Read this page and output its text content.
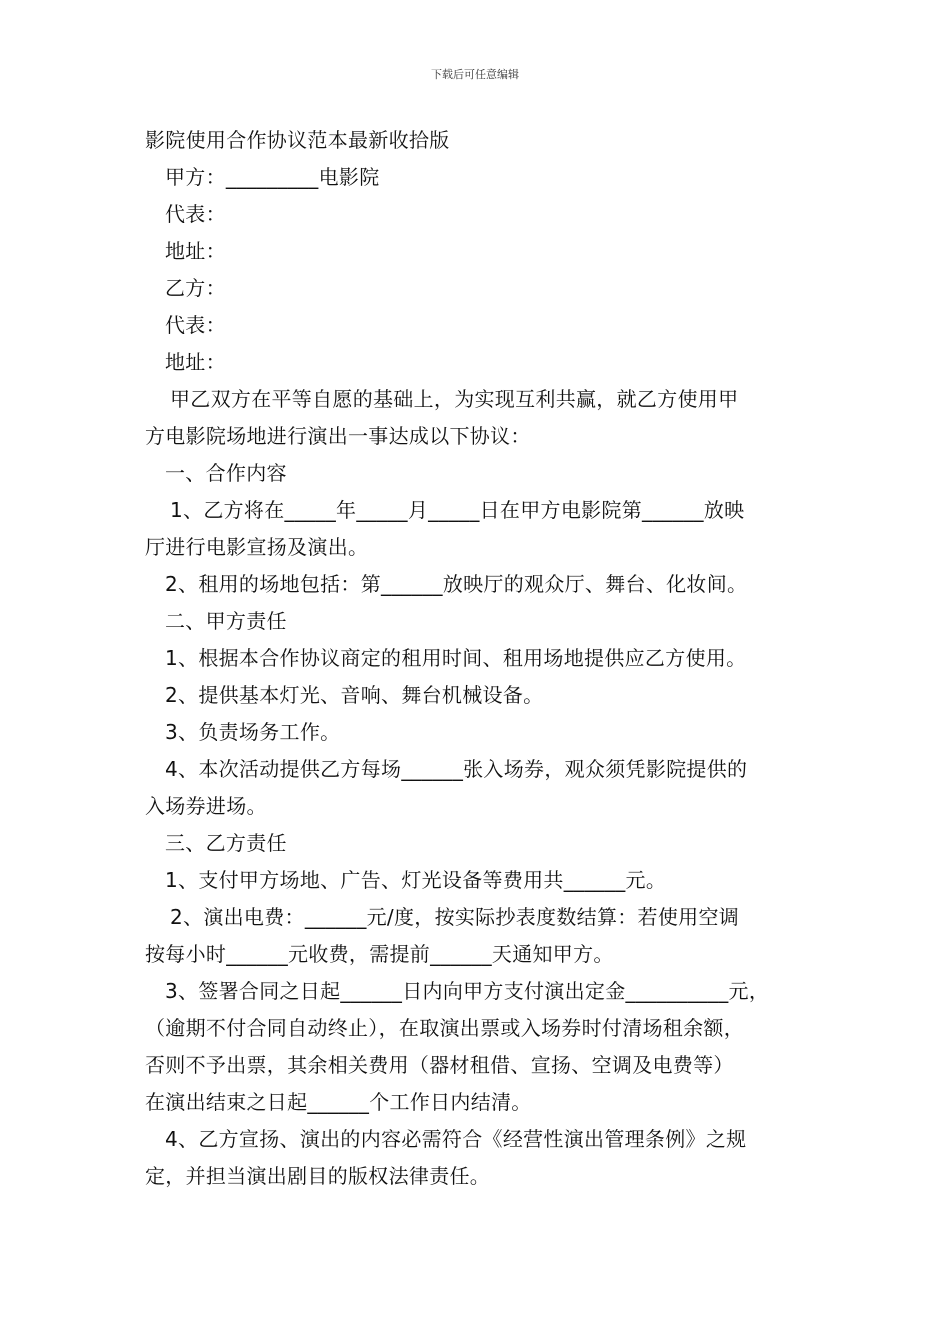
下载后可任意编辑
影院使用合作协议范本最新收拾版
甲方：_________电影院
代表：
地址：
乙方：
代表：
地址：
甲乙双方在平等自愿的基础上，为实现互利共赢，就乙方使用甲
方电影院场地进行演出一事达成以下协议：
一、合作内容
1、乙方将在_____年_____月_____日在甲方电影院第______放映
厅进行电影宣扬及演出。
2、租用的场地包括：第______放映厅的观众厅、舞台、化妆间。
二、甲方责任
1、根据本合作协议商定的租用时间、租用场地提供应乙方使用。
2、提供基本灯光、音响、舞台机械设备。
3、负责场务工作。
4、本次活动提供乙方每场______张入场券，观众须凭影院提供的
入场券进场。
三、乙方责任
1、支付甲方场地、广告、灯光设备等费用共______元。
2、演出电费：______元/度，按实际抄表度数结算：若使用空调
按每小时______元收费，需提前______天通知甲方。
3、签署合同之日起______日内向甲方支付演出定金__________元，
（逾期不付合同自动终止），在取演出票或入场券时付清场租余额，
否则不予出票，其余相关费用（器材租借、宣扬、空调及电费等）
在演出结束之日起______个工作日内结清。
4、乙方宣扬、演出的内容必需符合《经营性演出管理条例》之规
定，并担当演出剧目的版权法律责任。
